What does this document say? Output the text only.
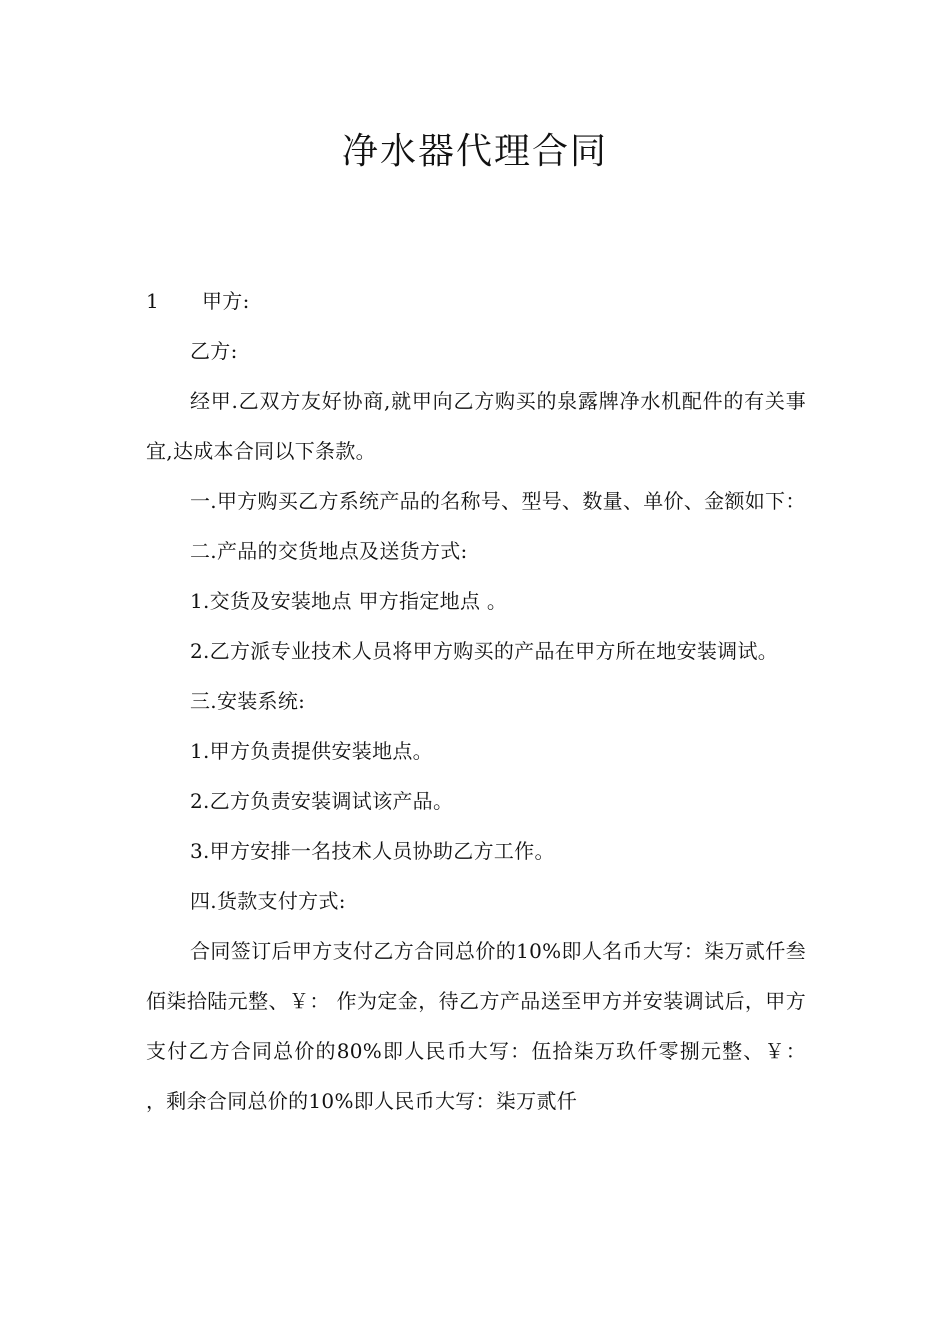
净水器代理合同

1 甲方:

乙方:

经甲.乙双方友好协商,就甲向乙方购买的泉露牌净水机配件的有关事宜,达成本合同以下条款。

一.甲方购买乙方系统产品的名称号、型号、数量、单价、金额如下：

二.产品的交货地点及送货方式:

1.交货及安装地点 甲方指定地点 。

2.乙方派专业技术人员将甲方购买的产品在甲方所在地安装调试。

三.安装系统:

1.甲方负责提供安装地点。

2.乙方负责安装调试该产品。

3.甲方安排一名技术人员协助乙方工作。

四.货款支付方式:

合同签订后甲方支付乙方合同总价的10%即人名币大写：柒万贰仟叁佰柒拾陆元整、￥： 作为定金，待乙方产品送至甲方并安装调试后，甲方支付乙方合同总价的80%即人民币大写：伍拾柒万玖仟零捌元整、￥： ，剩余合同总价的10%即人民币大写：柒万贰仟
